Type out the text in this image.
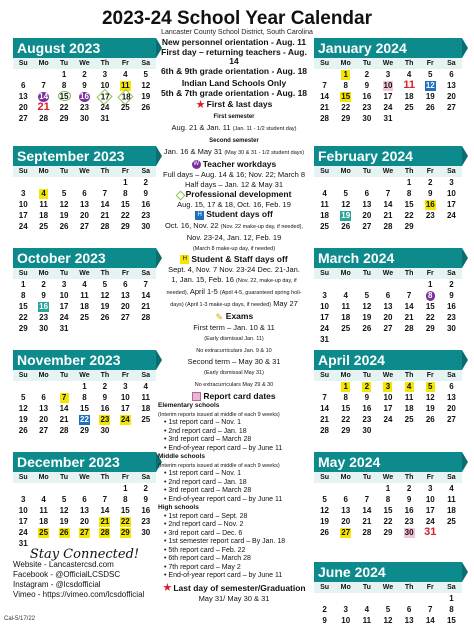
2023-24 School Year Calendar
Lancaster County School District, South Carolina
August 2023
Su	Mo	Tu	We	Th	Fr	Sa
		1	2	3	4	5
6	7	8	9	10	11	12
13	14	15	16	17	18	19
20	21	22	23	24	25	26
27	28	29	30	31		
September 2023
Su	Mo	Tu	We	Th	Fr	Sa
					1	2
3	4	5	6	7	8	9
10	11	12	13	14	15	16
17	18	19	20	21	22	23
24	25	26	27	28	29	30
October 2023
Su	Mo	Tu	We	Th	Fr	Sa
1	2	3	4	5	6	7
8	9	10	11	12	13	14
15	16	17	18	19	20	21
22	23	24	25	26	27	28
29	30	31				
November 2023
Su	Mo	Tu	We	Th	Fr	Sa
			1	2	3	4
5	6	7	8	9	10	11
12	13	14	15	16	17	18
19	20	21	22	23	24	25
26	27	28	29	30		
December 2023
Su	Mo	Tu	We	Th	Fr	Sa
					1	2
3	4	5	6	7	8	9
10	11	12	13	14	15	16
17	18	19	20	21	22	23
24	25	26	27	28	29	30
31						
January 2024
Su	Mo	Tu	We	Th	Fr	Sa
	1	2	3	4	5	6
7	8	9	10	11	12	13
14	15	16	17	18	19	20
21	22	23	24	25	26	27
28	29	30	31			
February 2024
Su	Mo	Tu	We	Th	Fr	Sa
				1	2	3
4	5	6	7	8	9	10
11	12	13	14	15	16	17
18	19	20	21	22	23	24
25	26	27	28	29		
March 2024
Su	Mo	Tu	We	Th	Fr	Sa
					1	2
3	4	5	6	7	8	9
10	11	12	13	14	15	16
17	18	19	20	21	22	23
24	25	26	27	28	29	30
31						
April 2024
Su	Mo	Tu	We	Th	Fr	Sa
	1	2	3	4	5	6
7	8	9	10	11	12	13
14	15	16	17	18	19	20
21	22	23	24	25	26	27
28	29	30				
May 2024
Su	Mo	Tu	We	Th	Fr	Sa
			1	2	3	4
5	6	7	8	9	10	11
12	13	14	15	16	17	18
19	20	21	22	23	24	25
26	27	28	29	30	31	
June 2024
Su	Mo	Tu	We	Th	Fr	Sa
						1
2	3	4	5	6	7	8
9	10	11	12	13	14	15
New personnel orientation - Aug. 11
First day – returning teachers - Aug. 14
6th & 9th grade orientation - Aug. 18
Indian Land Schools Only
5th & 7th grade orientation - Aug. 18
★First & last days
First semester
Aug. 21 & Jan. 11 (Jan. 11 - 1/2 student day)
Second semester
Jan. 16 & May 31 (May 30 & 31 - 1/2 student days)
W Teacher workdays
Full days – Aug. 14 & 16; Nov. 22; March 8
Half days – Jan. 12 & May 31
Professional development
Aug. 15, 17 & 18, Oct. 16, Feb. 19
H Student days off
Oct. 16, Nov. 22 (Nov. 22 make-up day, if needed),
Nov. 23-24, Jan. 12, Feb. 19
(March 8 make-up day, if needed)
H Student & Staff days off
Sept. 4, Nov. 7 Nov. 23-24 Dec. 21-Jan.
1, Jan. 15, Feb. 16 (Nov. 22, make-up day, if
needed), April 1-5 (April 4-5, guaranteed spring holi-
days) (April 1-3 make-up days, if needed) May 27
✎ Exams
First term – Jan. 10 & 11
(Early dismissal Jan. 11)
No extracurriculars Jan. 9 & 10
Second term – May 30 & 31
(Early dismissal May 31)
No extracurriculars May 29 & 30
Report card dates
Elementary schools
(Interim reports issued at middle of each 9 weeks)
• 1st report card – Nov. 1
• 2nd report card – Jan. 18
• 3rd report card – March 28
• End-of-year report card – by June 11
Middle schools
(Interim reports issued at middle of each 9 weeks)
• 1st report card – Nov. 1
• 2nd report card – Jan. 18
• 3rd report card – March 28
• End-of-year report card – by June 11
High schools
• 1st report card – Sept. 28
• 2nd report card – Nov. 2
• 3rd report card – Dec. 6
• 1st semester report card – By Jan. 18
• 5th report card – Feb. 22
• 6th report card – March 28
• 7th report card – May 2
• End-of-year report card – by June 11
★Last day of semester/Graduation
May 31/ May 30 & 31
Stay Connected!
Website - Lancastercsd.com
Facebook - @OfficialLCSDSC
Instagram - @lcsdofficial
Vimeo - https://vimeo.com/lcsdofficial
Cal-5/17/22
